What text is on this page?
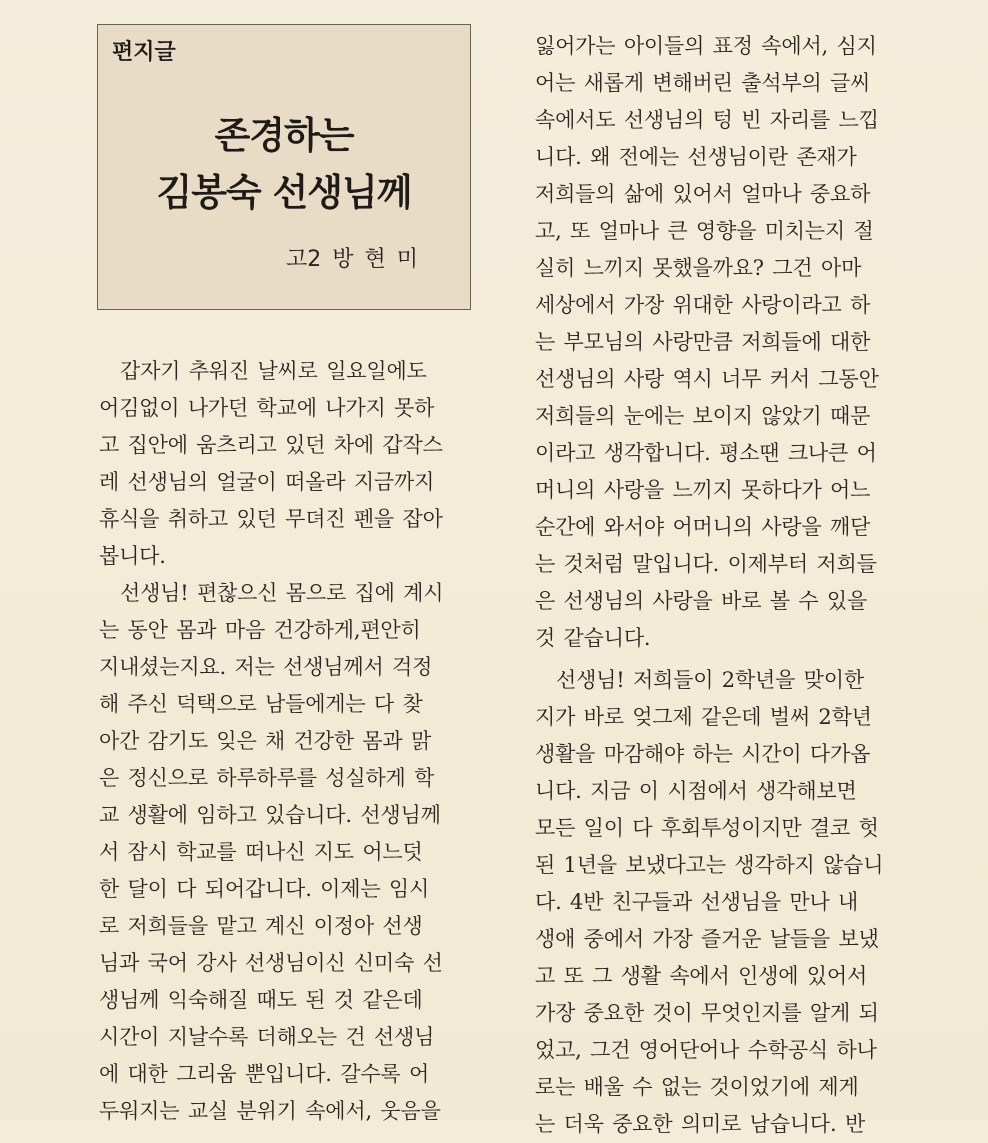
편지글
존경하는
김봉숙 선생님께
고2 방 현 미
갑자기 추워진 날씨로 일요일에도
어김없이 나가던 학교에 나가지 못하
고 집안에 움츠리고 있던 차에 갑작스
레 선생님의 얼굴이 떠올라 지금까지
휴식을 취하고 있던 무뎌진 펜을 잡아
봅니다.
선생님! 편찮으신 몸으로 집에 계시
는 동안 몸과 마음 건강하게,편안히
지내셨는지요. 저는 선생님께서 걱정
해 주신 덕택으로 남들에게는 다 찾
아간 감기도 잊은 채 건강한 몸과 맑
은 정신으로 하루하루를 성실하게 학
교 생활에 임하고 있습니다. 선생님께
서 잠시 학교를 떠나신 지도 어느덧
한 달이 다 되어갑니다. 이제는 임시
로 저희들을 맡고 계신 이정아 선생
님과 국어 강사 선생님이신 신미숙 선
생님께 익숙해질 때도 된 것 같은데
시간이 지날수록 더해오는 건 선생님
에 대한 그리움 뿐입니다. 갈수록 어
두워지는 교실 분위기 속에서, 웃음을
잃어가는 아이들의 표정 속에서, 심지
어는 새롭게 변해버린 출석부의 글씨
속에서도 선생님의 텅 빈 자리를 느낍
니다. 왜 전에는 선생님이란 존재가
저희들의 삶에 있어서 얼마나 중요하
고, 또 얼마나 큰 영향을 미치는지 절
실히 느끼지 못했을까요? 그건 아마
세상에서 가장 위대한 사랑이라고 하
는 부모님의 사랑만큼 저희들에 대한
선생님의 사랑 역시 너무 커서 그동안
저희들의 눈에는 보이지 않았기 때문
이라고 생각합니다. 평소땐 크나큰 어
머니의 사랑을 느끼지 못하다가 어느
순간에 와서야 어머니의 사랑을 깨닫
는 것처럼 말입니다. 이제부터 저희들
은 선생님의 사랑을 바로 볼 수 있을
것 같습니다.
선생님! 저희들이 2학년을 맞이한
지가 바로 엊그제 같은데 벌써 2학년
생활을 마감해야 하는 시간이 다가옵
니다. 지금 이 시점에서 생각해보면
모든 일이 다 후회투성이지만 결코 헛
된 1년을 보냈다고는 생각하지 않습니
다. 4반 친구들과 선생님을 만나 내
생애 중에서 가장 즐거운 날들을 보냈
고 또 그 생활 속에서 인생에 있어서
가장 중요한 것이 무엇인지를 알게 되
었고, 그건 영어단어나 수학공식 하나
로는 배울 수 없는 것이었기에 제게
는 더욱 중요한 의미로 남습니다. 반
